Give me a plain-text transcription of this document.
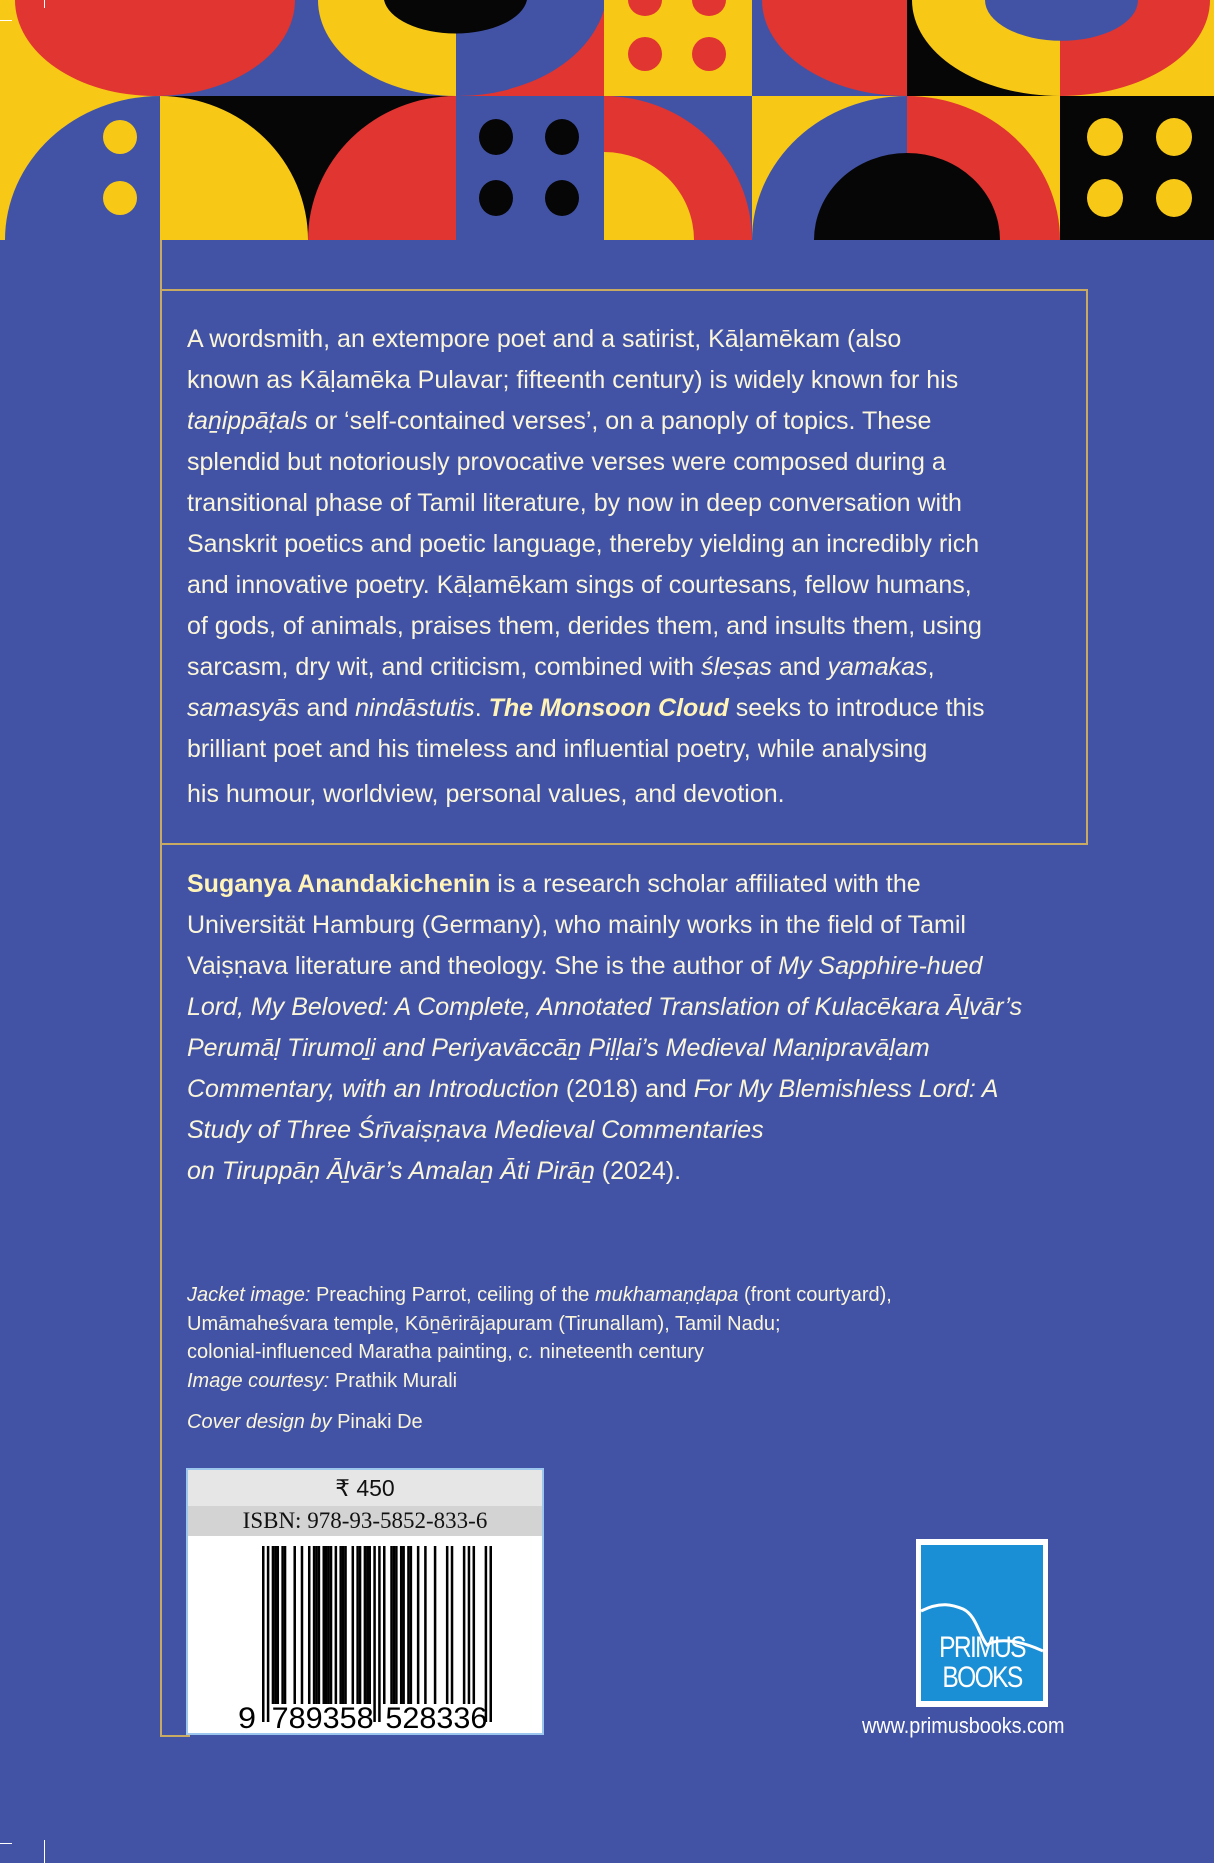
A wordsmith, an extempore poet and a satirist, Kāḷamēkam (also
known as Kāḷamēka Pulavar; fifteenth century) is widely known for his
taṉippāṭals or ‘self-contained verses’, on a panoply of topics. These
splendid but notoriously provocative verses were composed during a
transitional phase of Tamil literature, by now in deep conversation with
Sanskrit poetics and poetic language, thereby yielding an incredibly rich
and innovative poetry. Kāḷamēkam sings of courtesans, fellow humans,
of gods, of animals, praises them, derides them, and insults them, using
sarcasm, dry wit, and criticism, combined with śleṣas and yamakas,
samasyās and nindāstutis. The Monsoon Cloud seeks to introduce this
brilliant poet and his timeless and influential poetry, while analysing
his humour, worldview, personal values, and devotion.
Suganya Anandakichenin is a research scholar affiliated with the
Universität Hamburg (Germany), who mainly works in the field of Tamil
Vaiṣṇava literature and theology. She is the author of My Sapphire-hued
Lord, My Beloved: A Complete, Annotated Translation of Kulacēkara Āḻvār’s
Perumāḷ Tirumoḻi and Periyavāccāṉ Piḷḷai’s Medieval Maṇipravāḷam
Commentary, with an Introduction (2018) and For My Blemishless Lord: A
Study of Three Śrīvaiṣṇava Medieval Commentaries
on Tiruppāṇ Āḻvār’s Amalaṉ Āti Pirāṉ (2024).
Jacket image: Preaching Parrot, ceiling of the mukhamaṇḍapa (front courtyard),
Umāmaheśvara temple, Kōṉērirājapuram (Tirunallam), Tamil Nadu;
colonial-influenced Maratha painting, c. nineteenth century
Image courtesy: Prathik Murali
Cover design by Pinaki De
₹ 450
ISBN: 978-93-5852-833-6
9 789358 528336
PRIMUS
BOOKS
www.primusbooks.com
